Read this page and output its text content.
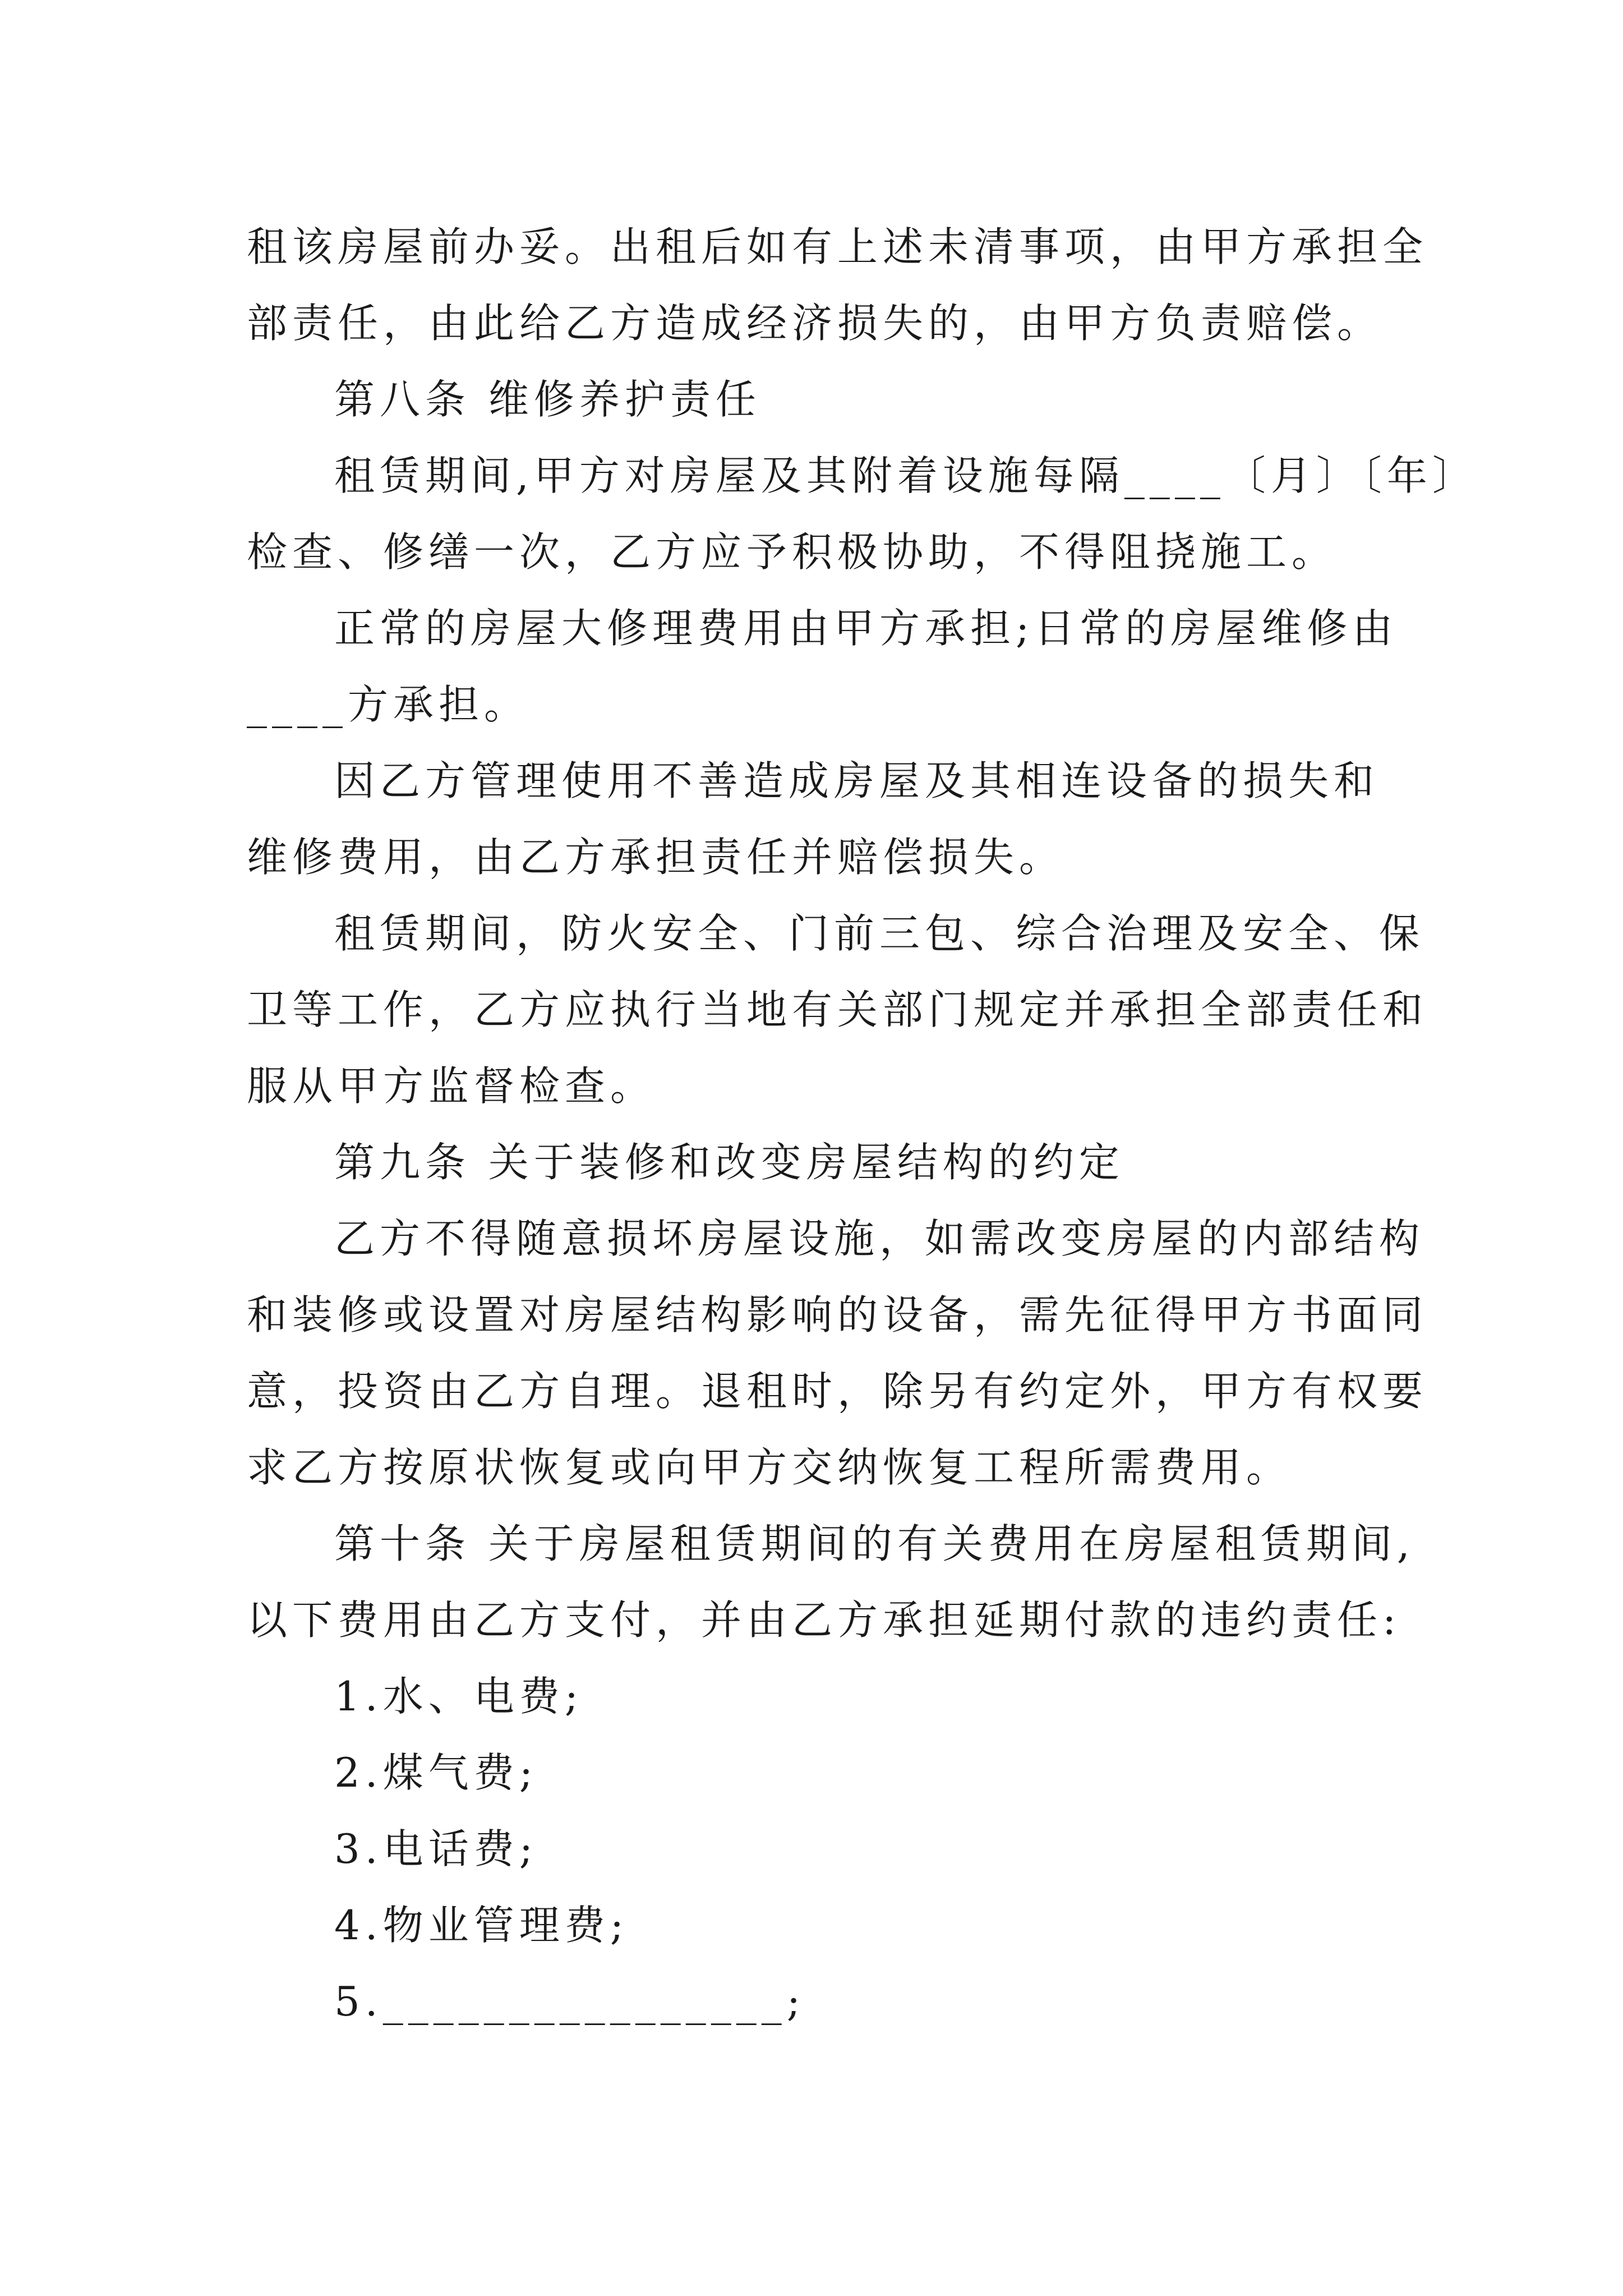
租该房屋前办妥。出租后如有上述未清事项，由甲方承担全
部责任，由此给乙方造成经济损失的，由甲方负责赔偿。
第八条 维修养护责任
租赁期间,甲方对房屋及其附着设施每隔____〔月〕〔年〕
检查、修缮一次，乙方应予积极协助，不得阻挠施工。
正常的房屋大修理费用由甲方承担;日常的房屋维修由
____方承担。
因乙方管理使用不善造成房屋及其相连设备的损失和
维修费用，由乙方承担责任并赔偿损失。
租赁期间，防火安全、门前三包、综合治理及安全、保
卫等工作，乙方应执行当地有关部门规定并承担全部责任和
服从甲方监督检查。
第九条 关于装修和改变房屋结构的约定
乙方不得随意损坏房屋设施，如需改变房屋的内部结构
和装修或设置对房屋结构影响的设备，需先征得甲方书面同
意，投资由乙方自理。退租时，除另有约定外，甲方有权要
求乙方按原状恢复或向甲方交纳恢复工程所需费用。
第十条 关于房屋租赁期间的有关费用在房屋租赁期间,
以下费用由乙方支付，并由乙方承担延期付款的违约责任:
1.水、电费;
2.煤气费;
3.电话费;
4.物业管理费;
5.________________;
